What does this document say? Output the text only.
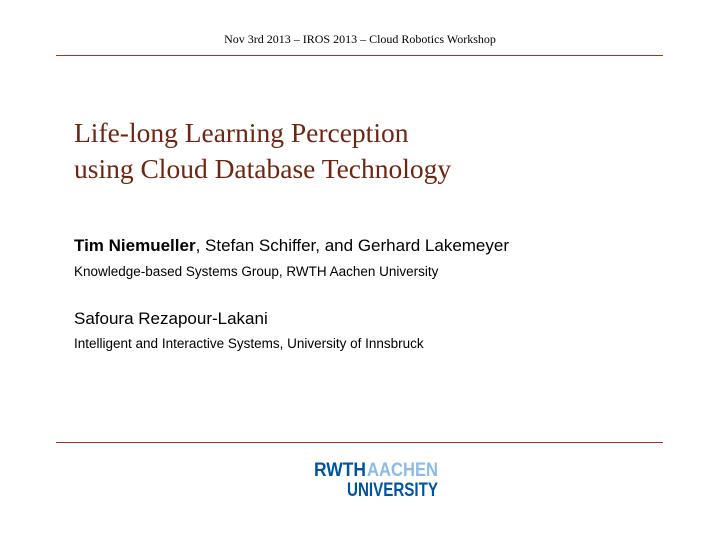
Nov 3rd 2013 – IROS 2013 – Cloud Robotics Workshop
Life-long Learning Perception
using Cloud Database Technology
Tim Niemueller, Stefan Schiffer, and Gerhard Lakemeyer
Knowledge-based Systems Group, RWTH Aachen University
Safoura Rezapour-Lakani
Intelligent and Interactive Systems, University of Innsbruck
RWTH AACHEN
UNIVERSITY
